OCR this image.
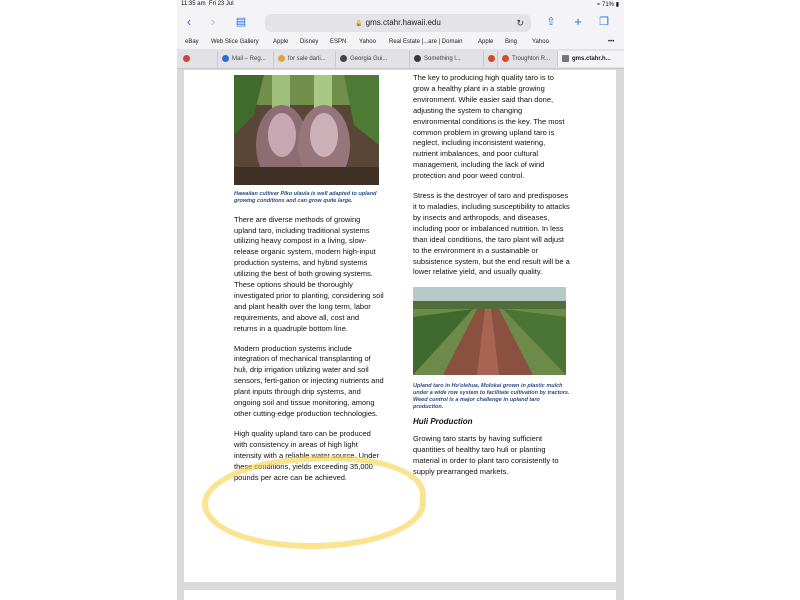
11:35 am Fri 23 Jul	≈ 71% ▮
‹	›	▤	🔒 gms.ctahr.hawaii.edu	↻	⇧	+	❐
eBay Web Slice Gallery Apple Disney ESPN Yahoo Real Estate |...are | Domain	Apple Bing Yahoo	•••
Mail – Reg...	for sale darli...	Georgia Gui...	Something l...	Troughton R...	gms.ctahr.h...

Hawaiian cultivar Piko ulaula is well adapted to upland growing conditions and can grow quite large.

There are diverse methods of growing upland taro, including traditional systems utilizing heavy compost in a living, slow-release organic system, modern high-input production systems, and hybrid systems utilizing the best of both growing systems. These options should be thoroughly investigated prior to planting, considering soil and plant health over the long term, labor requirements, and above all, cost and returns in a quadruple bottom line.

Modern production systems include integration of mechanical transplanting of huli, drip irrigation utilizing water and soil sensors, ferti-gation or injecting nutrients and plant inputs through drip systems, and ongoing soil and tissue monitoring, among other cutting-edge production technologies.

High quality upland taro can be produced with consistency in areas of high light intensity with a reliable water source. Under these conditions, yields exceeding 35,000 pounds per acre can be achieved.

The key to producing high quality taro is to grow a healthy plant in a stable growing environment. While easier said than done, adjusting the system to changing environmental conditions is the key. The most common problem in growing upland taro is neglect, including inconsistent watering, nutrient imbalances, and poor cultural management, including the lack of wind protection and poor weed control.

Stress is the destroyer of taro and predisposes it to maladies, including susceptibility to attacks by insects and arthropods, and diseases, including poor or imbalanced nutrition. In less than ideal conditions, the taro plant will adjust to the environment in a sustainable or subsistence system, but the end result will be a lower relative yield, and usually quality.

Upland taro in Ho'olehua, Molokai grown in plastic mulch under a wide row system to facilitate cultivation by tractors. Weed control is a major challenge in upland taro production.

Huli Production

Growing taro starts by having sufficient quantities of healthy taro huli or planting material in order to plant taro consistently to supply prearranged markets.
